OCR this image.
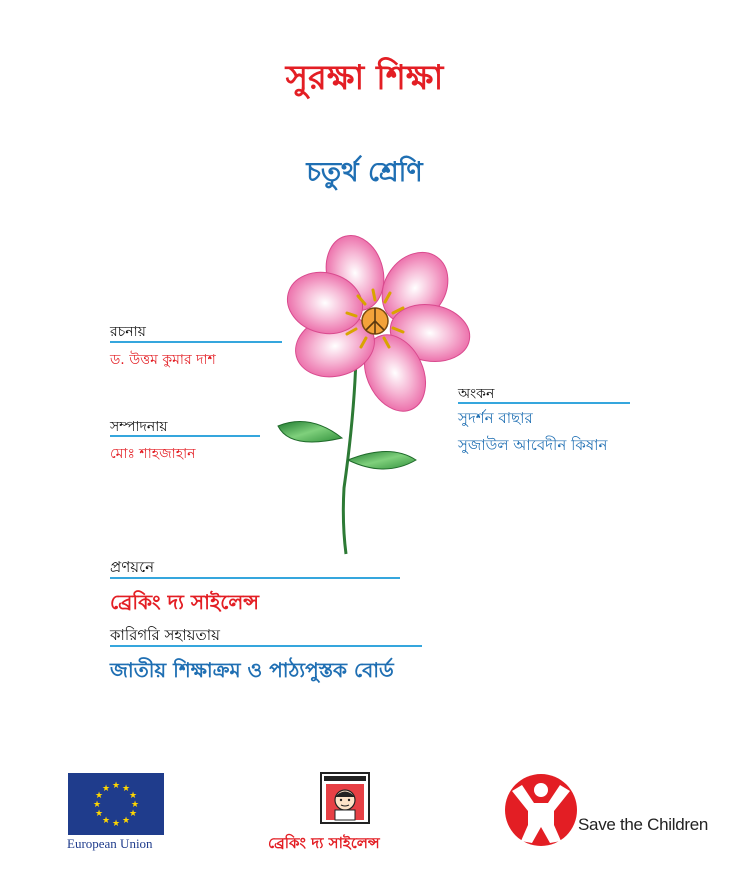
সুরক্ষা শিক্ষা
চতুর্থ শ্রেণি
রচনায়
ড. উত্তম কুমার দাশ
সম্পাদনায়
মোঃ শাহজাহান
অংকন
সুদর্শন বাছার
সুজাউল আবেদীন কিষান
প্রণয়নে
ব্রেকিং দ্য সাইলেন্স
কারিগরি সহায়তায়
জাতীয় শিক্ষাক্রম ও পাঠ্যপুস্তক বোর্ড
★ ★
★
★
★
★
★
★
★
★
★
★
European Union	ব্রেকিং দ্য সাইলেন্স
Save the Children
